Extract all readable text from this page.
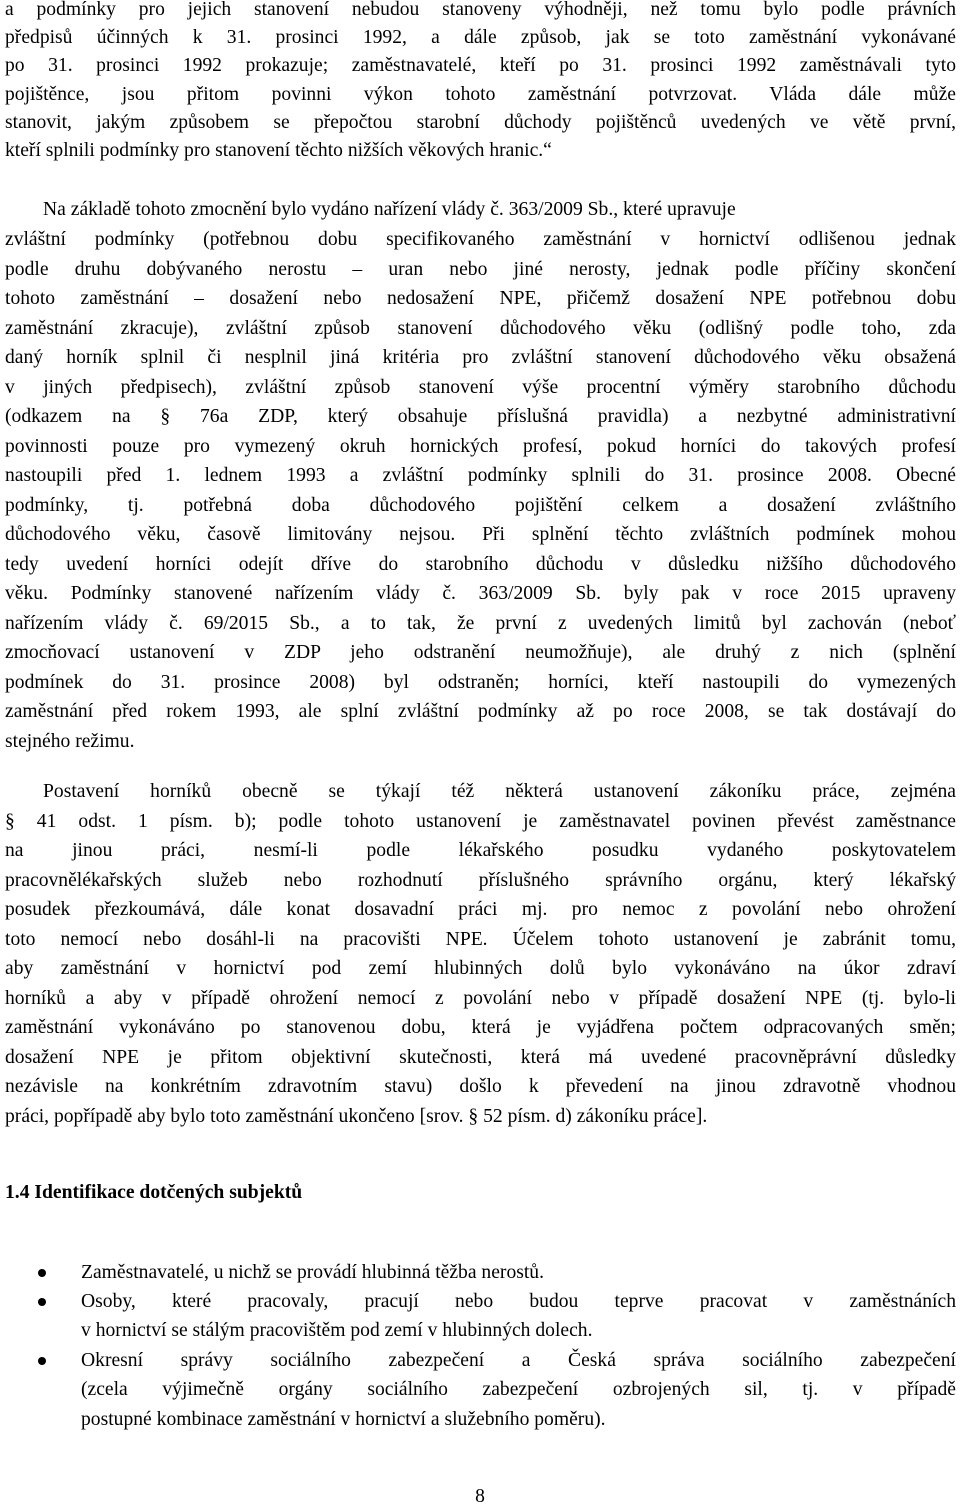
a podmínky pro jejich stanovení nebudou stanoveny výhodněji, než tomu bylo podle právních
předpisů účinných k 31. prosinci 1992, a dále způsob, jak se toto zaměstnání vykonávané
po 31. prosinci 1992 prokazuje; zaměstnavatelé, kteří po 31. prosinci 1992 zaměstnávali tyto
pojištěnce, jsou přitom povinni výkon tohoto zaměstnání potvrzovat. Vláda dále může
stanovit, jakým způsobem se přepočtou starobní důchody pojištěnců uvedených ve větě první,
kteří splnili podmínky pro stanovení těchto nižších věkových hranic.“
Na základě tohoto zmocnění bylo vydáno nařízení vlády č. 363/2009 Sb., které upravuje
zvláštní podmínky (potřebnou dobu specifikovaného zaměstnání v hornictví odlišenou jednak
podle druhu dobývaného nerostu – uran nebo jiné nerosty, jednak podle příčiny skončení
tohoto zaměstnání – dosažení nebo nedosažení NPE, přičemž dosažení NPE potřebnou dobu
zaměstnání zkracuje), zvláštní způsob stanovení důchodového věku (odlišný podle toho, zda
daný horník splnil či nesplnil jiná kritéria pro zvláštní stanovení důchodového věku obsažená
v jiných předpisech), zvláštní způsob stanovení výše procentní výměry starobního důchodu
(odkazem na § 76a ZDP, který obsahuje příslušná pravidla) a nezbytné administrativní
povinnosti pouze pro vymezený okruh hornických profesí, pokud horníci do takových profesí
nastoupili před 1. lednem 1993 a zvláštní podmínky splnili do 31. prosince 2008. Obecné
podmínky, tj. potřebná doba důchodového pojištění celkem a dosažení zvláštního
důchodového věku, časově limitovány nejsou. Při splnění těchto zvláštních podmínek mohou
tedy uvedení horníci odejít dříve do starobního důchodu v důsledku nižšího důchodového
věku. Podmínky stanovené nařízením vlády č. 363/2009 Sb. byly pak v roce 2015 upraveny
nařízením vlády č. 69/2015 Sb., a to tak, že první z uvedených limitů byl zachován (neboť
zmocňovací ustanovení v ZDP jeho odstranění neumožňuje), ale druhý z nich (splnění
podmínek do 31. prosince 2008) byl odstraněn; horníci, kteří nastoupili do vymezených
zaměstnání před rokem 1993, ale splní zvláštní podmínky až po roce 2008, se tak dostávají do
stejného režimu.
Postavení horníků obecně se týkají též některá ustanovení zákoníku práce, zejména
§ 41 odst. 1 písm. b); podle tohoto ustanovení je zaměstnavatel povinen převést zaměstnance
na jinou práci, nesmí-li podle lékařského posudku vydaného poskytovatelem
pracovnělékařských služeb nebo rozhodnutí příslušného správního orgánu, který lékařský
posudek přezkoumává, dále konat dosavadní práci mj. pro nemoc z povolání nebo ohrožení
toto nemocí nebo dosáhl-li na pracovišti NPE. Účelem tohoto ustanovení je zabránit tomu,
aby zaměstnání v hornictví pod zemí hlubinných dolů bylo vykonáváno na úkor zdraví
horníků a aby v případě ohrožení nemocí z povolání nebo v případě dosažení NPE (tj. bylo-li
zaměstnání vykonáváno po stanovenou dobu, která je vyjádřena počtem odpracovaných směn;
dosažení NPE je přitom objektivní skutečnosti, která má uvedené pracovněprávní důsledky
nezávisle na konkrétním zdravotním stavu) došlo k převedení na jinou zdravotně vhodnou
práci, popřípadě aby bylo toto zaměstnání ukončeno [srov. § 52 písm. d) zákoníku práce].
1.4 Identifikace dotčených subjektů
Zaměstnavatelé, u nichž se provádí hlubinná těžba nerostů.
Osoby, které pracovaly, pracují nebo budou teprve pracovat v zaměstnáních
v hornictví se stálým pracovištěm pod zemí v hlubinných dolech.
Okresní správy sociálního zabezpečení a Česká správa sociálního zabezpečení
(zcela výjimečně orgány sociálního zabezpečení ozbrojených sil, tj. v případě
postupné kombinace zaměstnání v hornictví a služebního poměru).
8
